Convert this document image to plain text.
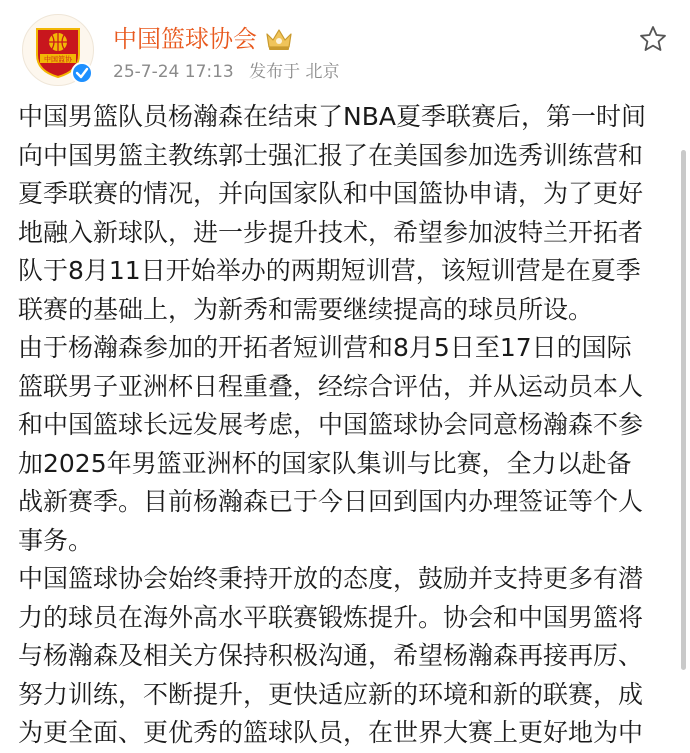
中国篮协
中国篮球协会
25-7-24 17:13 发布于 北京

中国男篮队员杨瀚森在结束了NBA夏季联赛后，第一时间
向中国男篮主教练郭士强汇报了在美国参加选秀训练营和
夏季联赛的情况，并向国家队和中国篮协申请，为了更好
地融入新球队，进一步提升技术，希望参加波特兰开拓者
队于8月11日开始举办的两期短训营，该短训营是在夏季
联赛的基础上，为新秀和需要继续提高的球员所设。

由于杨瀚森参加的开拓者短训营和8月5日至17日的国际
篮联男子亚洲杯日程重叠，经综合评估，并从运动员本人
和中国篮球长远发展考虑，中国篮球协会同意杨瀚森不参
加2025年男篮亚洲杯的国家队集训与比赛，全力以赴备
战新赛季。目前杨瀚森已于今日回到国内办理签证等个人
事务。

中国篮球协会始终秉持开放的态度，鼓励并支持更多有潜
力的球员在海外高水平联赛锻炼提升。协会和中国男篮将
与杨瀚森及相关方保持积极沟通，希望杨瀚森再接再厉、
努力训练，不断提升，更快适应新的环境和新的联赛，成
为更全面、更优秀的篮球队员，在世界大赛上更好地为中
